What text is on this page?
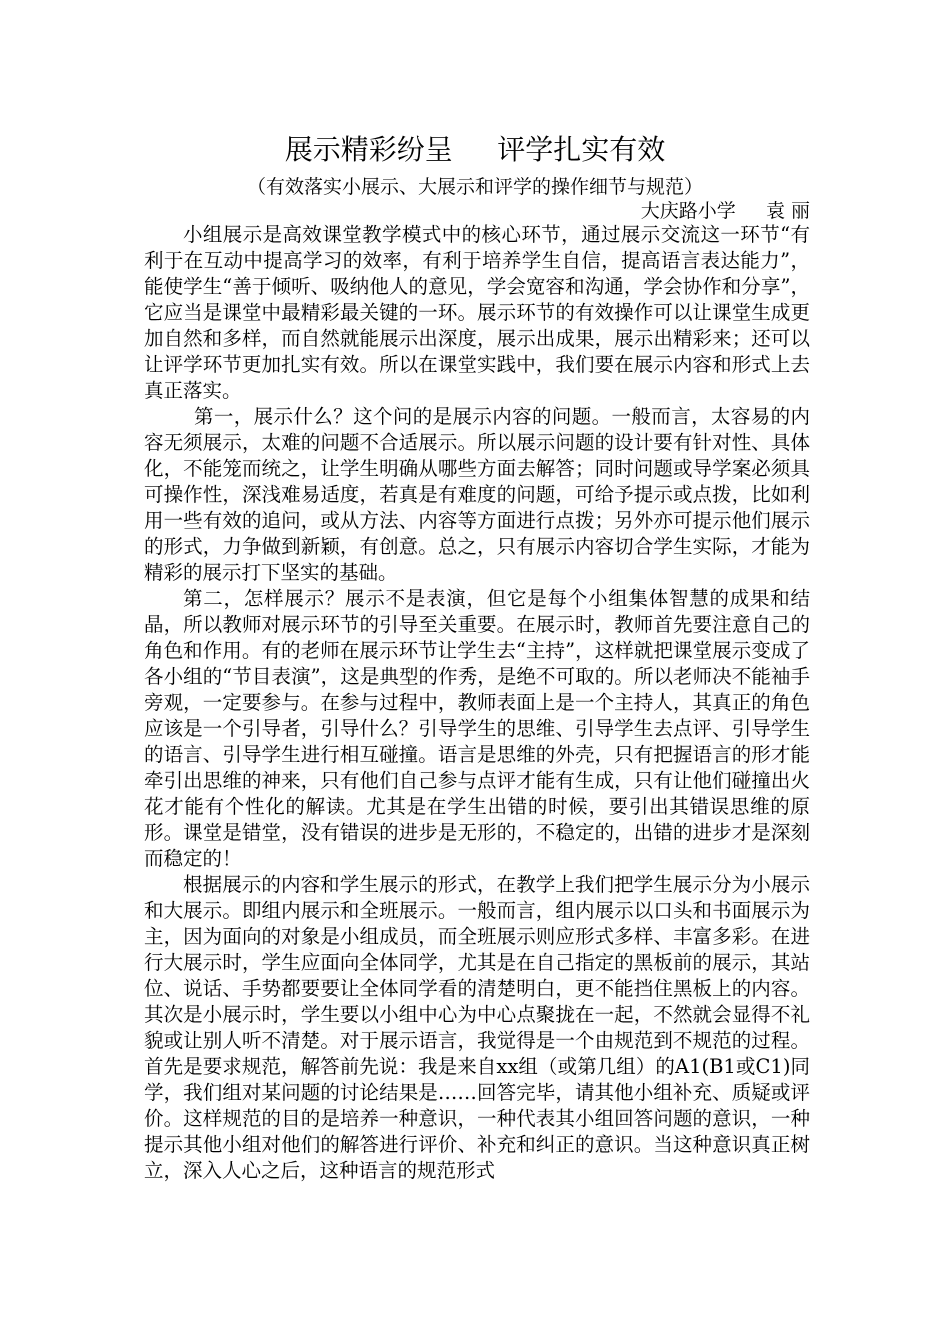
展示精彩纷呈     评学扎实有效
（有效落实小展示、大展示和评学的操作细节与规范）
大庆路小学     袁 丽

小组展示是高效课堂教学模式中的核心环节，通过展示交流这一环节“有利于在互动中提高学习的效率，有利于培养学生自信，提高语言表达能力”，能使学生“善于倾听、吸纳他人的意见，学会宽容和沟通，学会协作和分享”，它应当是课堂中最精彩最关键的一环。展示环节的有效操作可以让课堂生成更加自然和多样，而自然就能展示出深度，展示出成果，展示出精彩来；还可以让评学环节更加扎实有效。所以在课堂实践中，我们要在展示内容和形式上去真正落实。

第一，展示什么？这个问的是展示内容的问题。一般而言，太容易的内容无须展示，太难的问题不合适展示。所以展示问题的设计要有针对性、具体化，不能笼而统之，让学生明确从哪些方面去解答；同时问题或导学案必须具可操作性，深浅难易适度，若真是有难度的问题，可给予提示或点拨，比如利用一些有效的追问，或从方法、内容等方面进行点拨；另外亦可提示他们展示的形式，力争做到新颖，有创意。总之，只有展示内容切合学生实际，才能为精彩的展示打下坚实的基础。

第二，怎样展示？展示不是表演，但它是每个小组集体智慧的成果和结晶，所以教师对展示环节的引导至关重要。在展示时，教师首先要注意自己的角色和作用。有的老师在展示环节让学生去“主持”，这样就把课堂展示变成了各小组的“节目表演”，这是典型的作秀，是绝不可取的。所以老师决不能袖手旁观，一定要参与。在参与过程中，教师表面上是一个主持人，其真正的角色应该是一个引导者，引导什么？引导学生的思维、引导学生去点评、引导学生的语言、引导学生进行相互碰撞。语言是思维的外壳，只有把握语言的形才能牵引出思维的神来，只有他们自己参与点评才能有生成，只有让他们碰撞出火花才能有个性化的解读。尤其是在学生出错的时候，要引出其错误思维的原形。课堂是错堂，没有错误的进步是无形的，不稳定的，出错的进步才是深刻而稳定的！

根据展示的内容和学生展示的形式，在教学上我们把学生展示分为小展示和大展示。即组内展示和全班展示。一般而言，组内展示以口头和书面展示为主，因为面向的对象是小组成员，而全班展示则应形式多样、丰富多彩。在进行大展示时，学生应面向全体同学，尤其是在自己指定的黑板前的展示，其站位、说话、手势都要要让全体同学看的清楚明白，更不能挡住黑板上的内容。其次是小展示时，学生要以小组中心为中心点聚拢在一起，不然就会显得不礼貌或让别人听不清楚。对于展示语言，我觉得是一个由规范到不规范的过程。首先是要求规范，解答前先说：我是来自xx组（或第几组）的A1(B1或C1)同学，我们组对某问题的讨论结果是……回答完毕，请其他小组补充、质疑或评价。这样规范的目的是培养一种意识，一种代表其小组回答问题的意识，一种提示其他小组对他们的解答进行评价、补充和纠正的意识。当这种意识真正树立，深入人心之后，这种语言的规范形式
